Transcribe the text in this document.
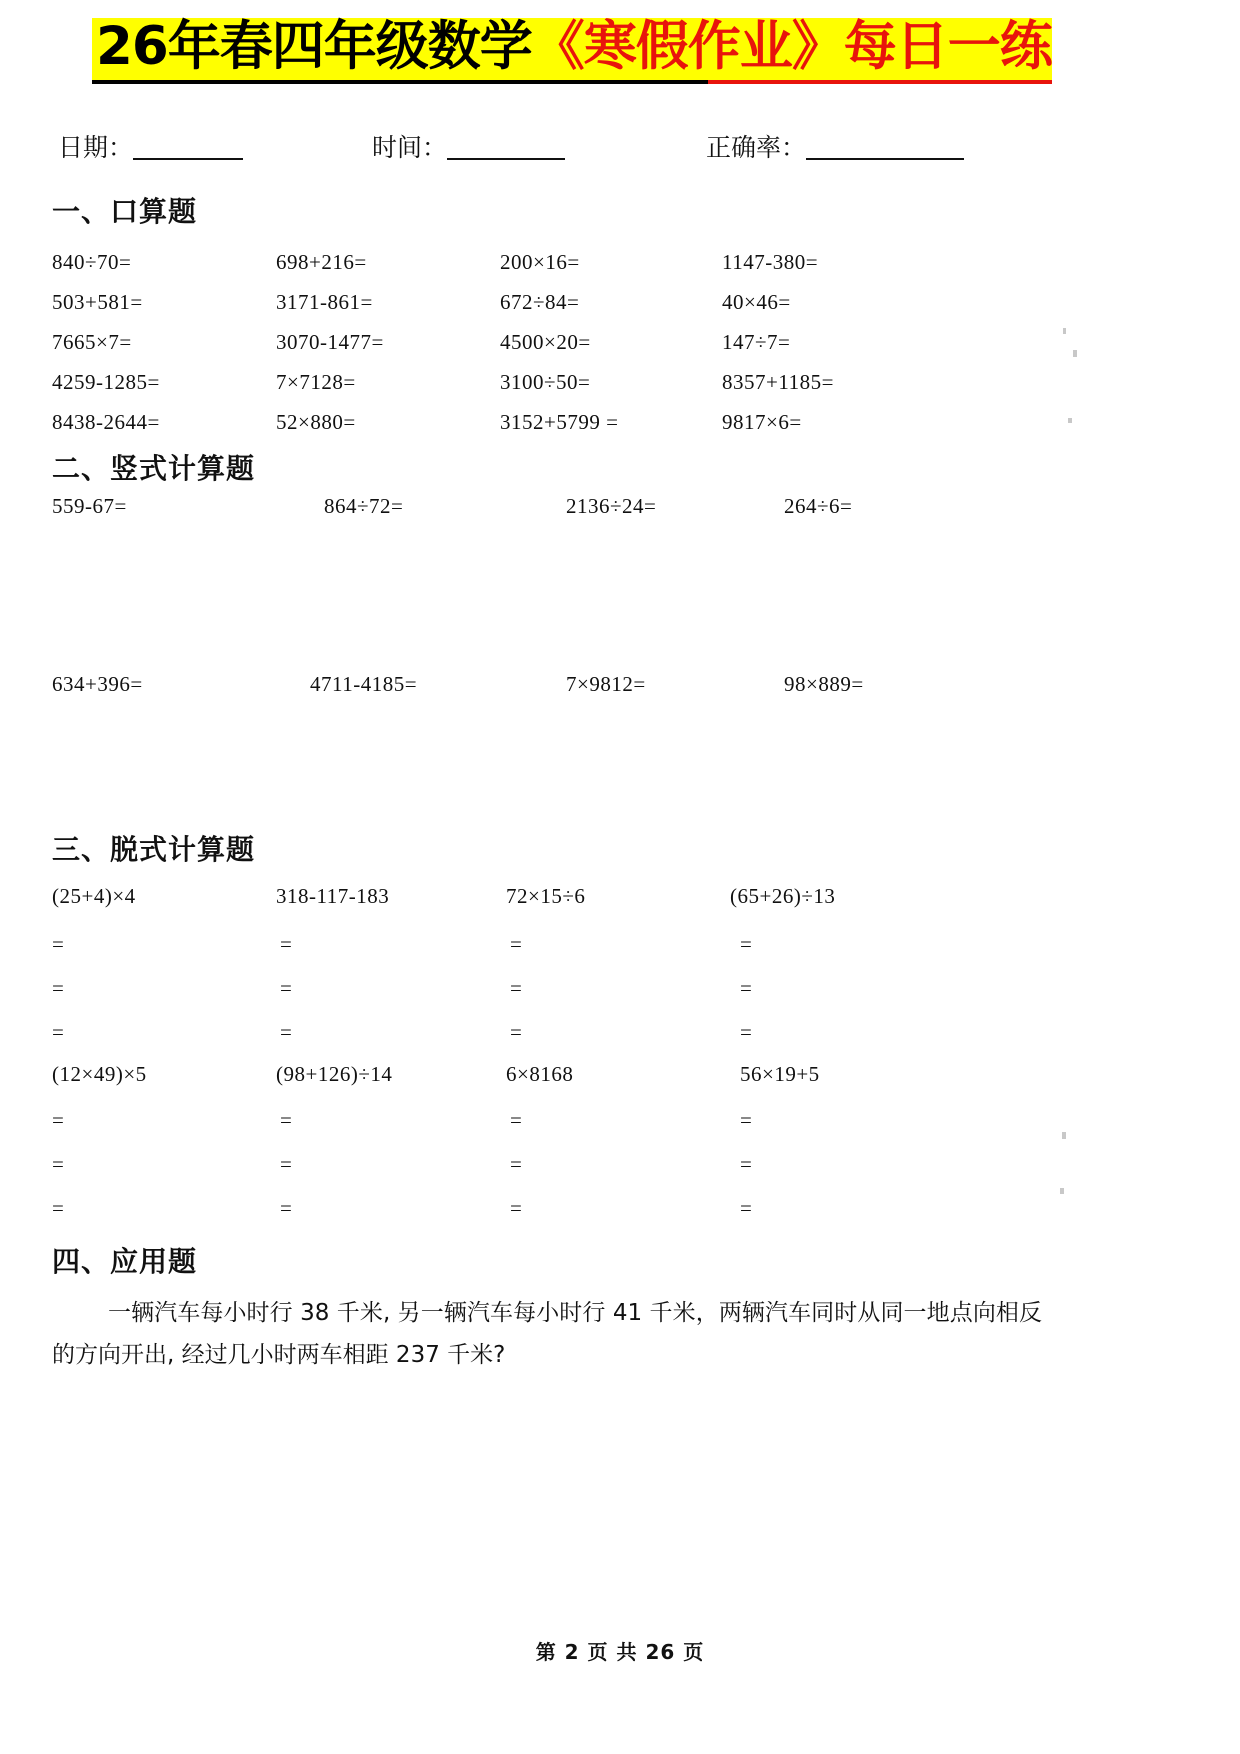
26年春四年级数学《寒假作业》每日一练
日期：	时间：	正确率：
一、口算题
840÷70=	698+216=	200×16=	1147-380=
503+581=	3171-861=	672÷84=	40×46=
7665×7=	3070-1477=	4500×20=	147÷7=
4259-1285=	7×7128=	3100÷50=	8357+1185=
8438-2644=	52×880=	3152+5799 =	9817×6=
二、竖式计算题
559-67=	864÷72=	2136÷24=	264÷6=
634+396=	4711-4185=	7×9812=	98×889=
三、脱式计算题
(25+4)×4	318-117-183	72×15÷6	(65+26)÷13
=	=	=	=
=	=	=	=
=	=	=	=
(12×49)×5	(98+126)÷14	6×8168	56×19+5
=	=	=	=
=	=	=	=
=	=	=	=
四、应用题
一辆汽车每小时行 38 千米, 另一辆汽车每小时行 41 千米，两辆汽车同时从同一地点向相反的方向开出, 经过几小时两车相距 237 千米?
第 2 页 共 26 页
